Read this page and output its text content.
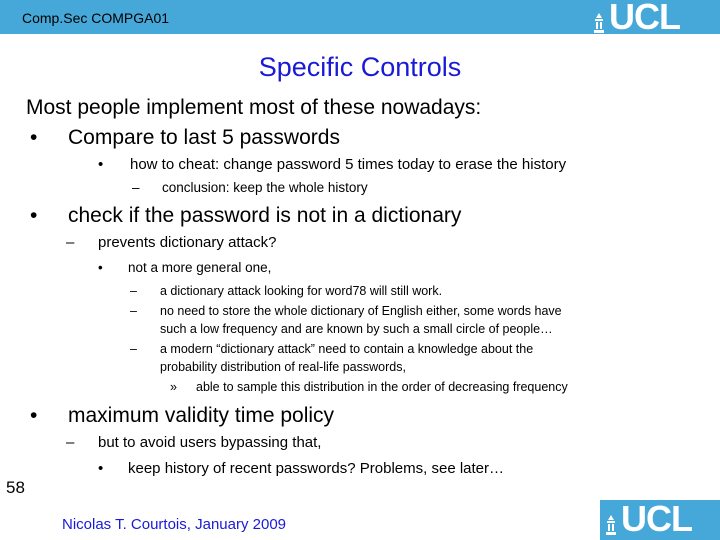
Comp.Sec COMPGA01	UCL
Specific Controls
Most people implement most of these nowadays:
• Compare to last 5 passwords
• how to cheat: change password 5 times today to erase the history
– conclusion: keep the whole history
• check if the password is not in a dictionary
– prevents dictionary attack?
• not a more general one,
– a dictionary attack looking for word78 will still work.
– no need to store the whole dictionary of English either, some words have
such a low frequency and are known by such a small circle of people…
– a modern “dictionary attack” need to contain a knowledge about the
probability distribution of real-life passwords,
» able to sample this distribution in the order of decreasing frequency
• maximum validity time policy
– but to avoid users bypassing that,
• keep history of recent passwords? Problems, see later…
58
Nicolas T. Courtois, January 2009	UCL
